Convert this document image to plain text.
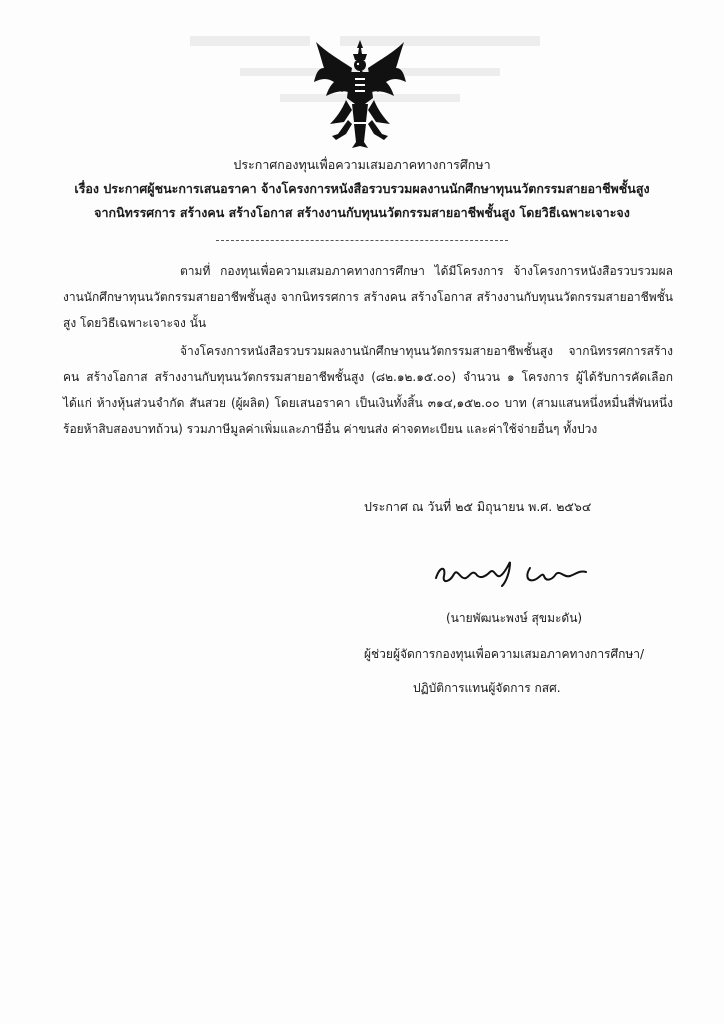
ประกาศกองทุนเพื่อความเสมอภาคทางการศึกษา
เรื่อง ประกาศผู้ชนะการเสนอราคา จ้างโครงการหนังสือรวบรวมผลงานนักศึกษาทุนนวัตกรรมสายอาชีพชั้นสูง
จากนิทรรศการ สร้างคน สร้างโอกาส สร้างงานกับทุนนวัตกรรมสายอาชีพชั้นสูง โดยวิธีเฉพาะเจาะจง
ตามที่ กองทุนเพื่อความเสมอภาคทางการศึกษา ได้มีโครงการ จ้างโครงการหนังสือรวบรวมผลงานนักศึกษาทุนนวัตกรรมสายอาชีพชั้นสูง จากนิทรรศการ สร้างคน สร้างโอกาส สร้างงานกับทุนนวัตกรรมสายอาชีพชั้นสูง โดยวิธีเฉพาะเจาะจง นั้น
จ้างโครงการหนังสือรวบรวมผลงานนักศึกษาทุนนวัตกรรมสายอาชีพชั้นสูง จากนิทรรศการสร้างคน สร้างโอกาส สร้างงานกับทุนนวัตกรรมสายอาชีพชั้นสูง (๘๒.๑๒.๑๕.๐๐) จำนวน ๑ โครงการ ผู้ได้รับการคัดเลือก ได้แก่ ห้างหุ้นส่วนจำกัด สันสวย (ผู้ผลิต) โดยเสนอราคา เป็นเงินทั้งสิ้น ๓๑๔,๑๕๒.๐๐ บาท (สามแสนหนึ่งหมื่นสี่พันหนึ่งร้อยห้าสิบสองบาทถ้วน) รวมภาษีมูลค่าเพิ่มและภาษีอื่น ค่าขนส่ง ค่าจดทะเบียน และค่าใช้จ่ายอื่นๆ ทั้งปวง
ประกาศ ณ วันที่ ๒๕ มิถุนายน พ.ศ. ๒๕๖๔
(นายพัฒนะพงษ์ สุขมะดัน)
ผู้ช่วยผู้จัดการกองทุนเพื่อความเสมอภาคทางการศึกษา/
ปฏิบัติการแทนผู้จัดการ กสศ.
